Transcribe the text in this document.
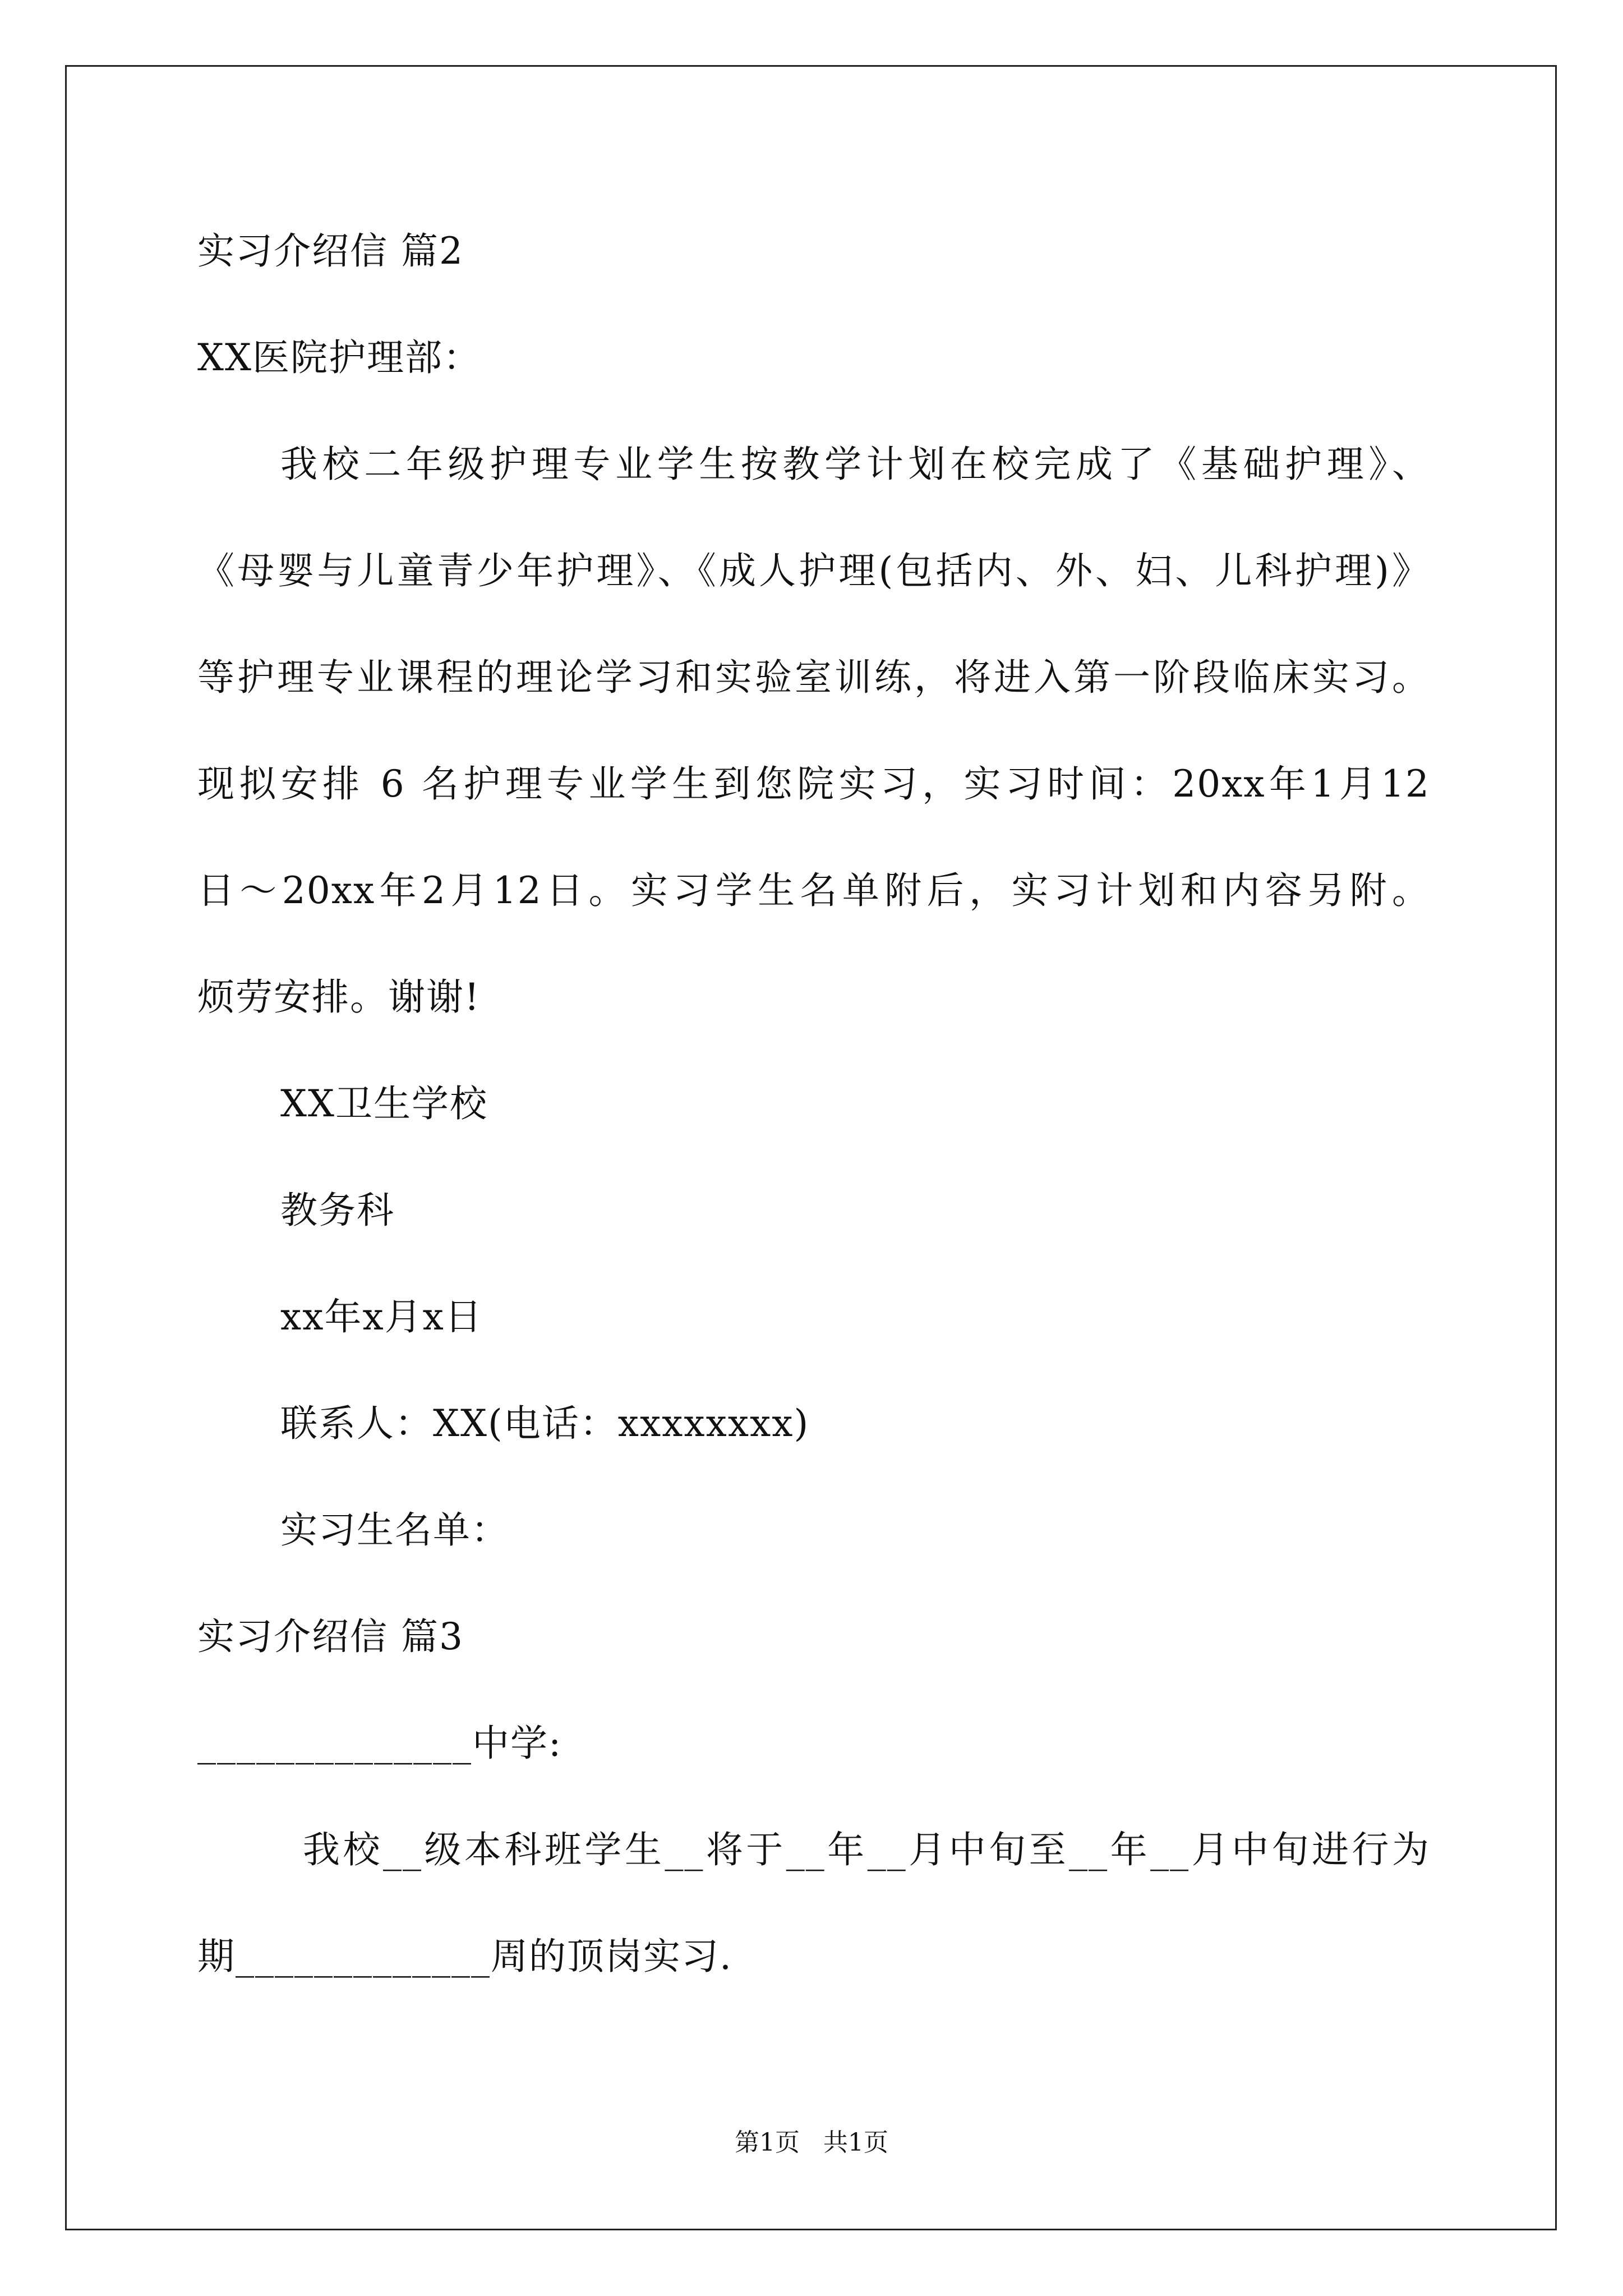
实习介绍信 篇2
XX医院护理部：
我校二年级护理专业学生按教学计划在校完成了《基础护理》、
《母婴与儿童青少年护理》、《成人护理(包括内、外、妇、儿科护理)》
等护理专业课程的理论学习和实验室训练，将进入第一阶段临床实习。
现拟安排 6 名护理专业学生到您院实习，实习时间：20xx年1月12
日～20xx年2月12日。实习学生名单附后，实习计划和内容另附。
烦劳安排。谢谢!
XX卫生学校
教务科
xx年x月x日
联系人：XX(电话：xxxxxxxx)
实习生名单：
实习介绍信 篇3
______________中学:
我校__级本科班学生__将于__年__月中旬至__年__月中旬进行为
期_____________周的顶岗实习.
第1页   共1页
